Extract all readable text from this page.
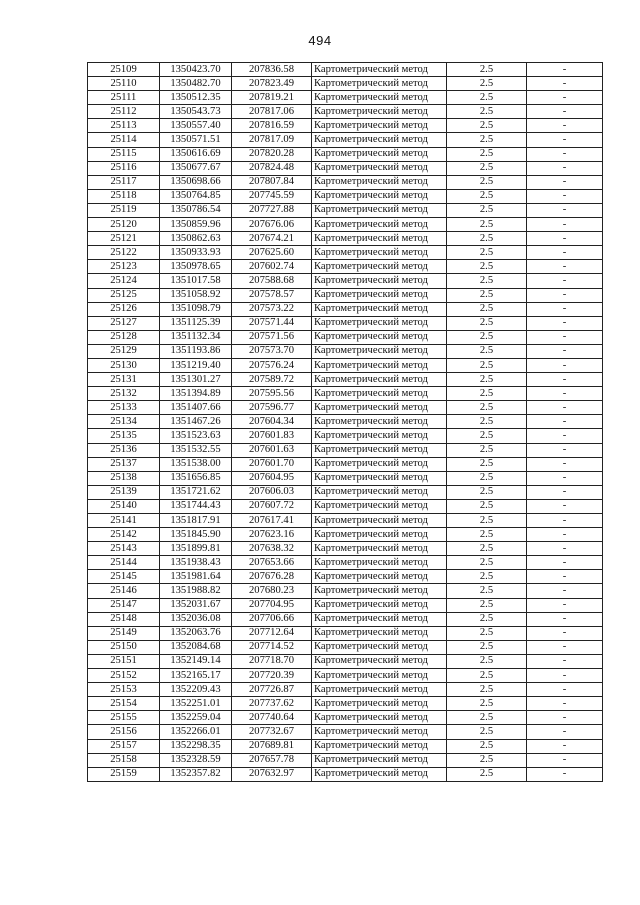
494
25109	1350423.70	207836.58	Картометрический метод	2.5	-
25110	1350482.70	207823.49	Картометрический метод	2.5	-
25111	1350512.35	207819.21	Картометрический метод	2.5	-
25112	1350543.73	207817.06	Картометрический метод	2.5	-
25113	1350557.40	207816.59	Картометрический метод	2.5	-
25114	1350571.51	207817.09	Картометрический метод	2.5	-
25115	1350616.69	207820.28	Картометрический метод	2.5	-
25116	1350677.67	207824.48	Картометрический метод	2.5	-
25117	1350698.66	207807.84	Картометрический метод	2.5	-
25118	1350764.85	207745.59	Картометрический метод	2.5	-
25119	1350786.54	207727.88	Картометрический метод	2.5	-
25120	1350859.96	207676.06	Картометрический метод	2.5	-
25121	1350862.63	207674.21	Картометрический метод	2.5	-
25122	1350933.93	207625.60	Картометрический метод	2.5	-
25123	1350978.65	207602.74	Картометрический метод	2.5	-
25124	1351017.58	207588.68	Картометрический метод	2.5	-
25125	1351058.92	207578.57	Картометрический метод	2.5	-
25126	1351098.79	207573.22	Картометрический метод	2.5	-
25127	1351125.39	207571.44	Картометрический метод	2.5	-
25128	1351132.34	207571.56	Картометрический метод	2.5	-
25129	1351193.86	207573.70	Картометрический метод	2.5	-
25130	1351219.40	207576.24	Картометрический метод	2.5	-
25131	1351301.27	207589.72	Картометрический метод	2.5	-
25132	1351394.89	207595.56	Картометрический метод	2.5	-
25133	1351407.66	207596.77	Картометрический метод	2.5	-
25134	1351467.26	207604.34	Картометрический метод	2.5	-
25135	1351523.63	207601.83	Картометрический метод	2.5	-
25136	1351532.55	207601.63	Картометрический метод	2.5	-
25137	1351538.00	207601.70	Картометрический метод	2.5	-
25138	1351656.85	207604.95	Картометрический метод	2.5	-
25139	1351721.62	207606.03	Картометрический метод	2.5	-
25140	1351744.43	207607.72	Картометрический метод	2.5	-
25141	1351817.91	207617.41	Картометрический метод	2.5	-
25142	1351845.90	207623.16	Картометрический метод	2.5	-
25143	1351899.81	207638.32	Картометрический метод	2.5	-
25144	1351938.43	207653.66	Картометрический метод	2.5	-
25145	1351981.64	207676.28	Картометрический метод	2.5	-
25146	1351988.82	207680.23	Картометрический метод	2.5	-
25147	1352031.67	207704.95	Картометрический метод	2.5	-
25148	1352036.08	207706.66	Картометрический метод	2.5	-
25149	1352063.76	207712.64	Картометрический метод	2.5	-
25150	1352084.68	207714.52	Картометрический метод	2.5	-
25151	1352149.14	207718.70	Картометрический метод	2.5	-
25152	1352165.17	207720.39	Картометрический метод	2.5	-
25153	1352209.43	207726.87	Картометрический метод	2.5	-
25154	1352251.01	207737.62	Картометрический метод	2.5	-
25155	1352259.04	207740.64	Картометрический метод	2.5	-
25156	1352266.01	207732.67	Картометрический метод	2.5	-
25157	1352298.35	207689.81	Картометрический метод	2.5	-
25158	1352328.59	207657.78	Картометрический метод	2.5	-
25159	1352357.82	207632.97	Картометрический метод	2.5	-
